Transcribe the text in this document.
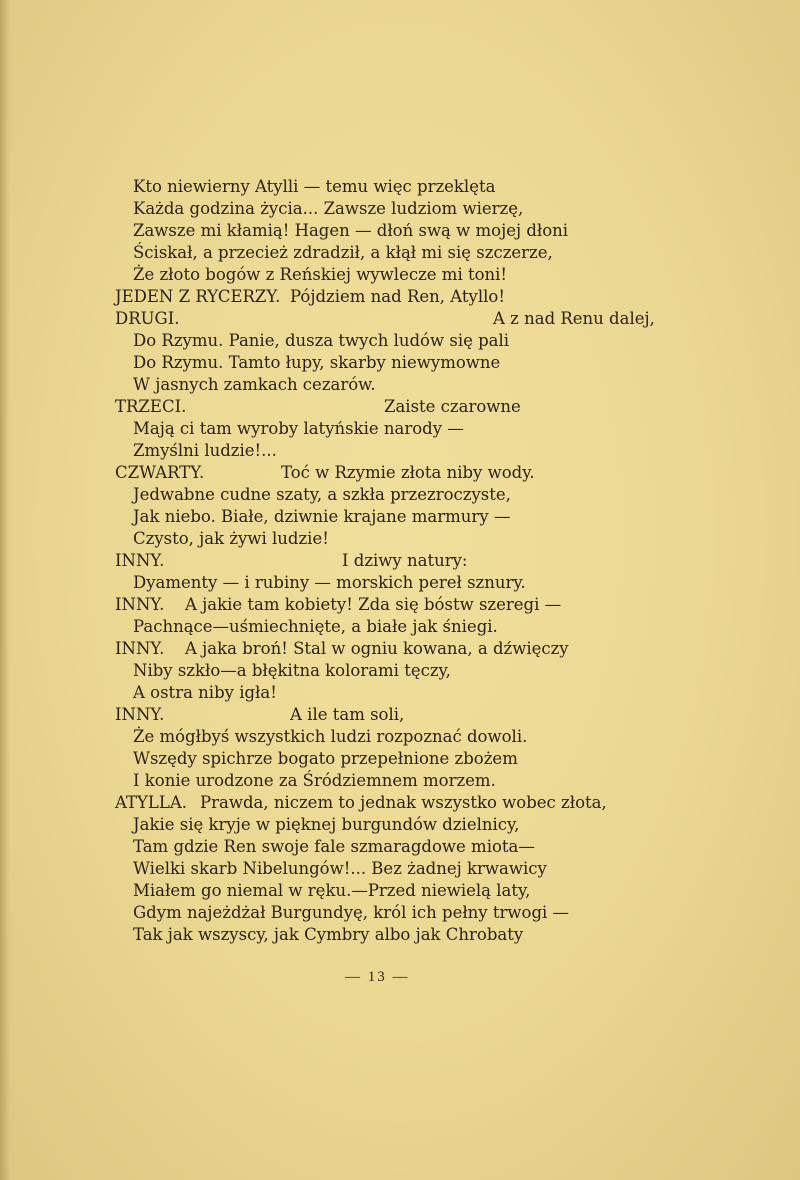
Kto niewierny Atylli — temu więc przeklęta
Każda godzina życia... Zawsze ludziom wierzę,
Zawsze mi kłamią! Hagen — dłoń swą w mojej dłoni
Ściskał, a przecież zdradził, a kłął mi się szczerze,
Że złoto bogów z Reńskiej wywlecze mi toni!
JEDEN Z RYCERZY. Pójdziem nad Ren, Atyllo!
DRUGI.	A z nad Renu dalej,
Do Rzymu. Panie, dusza twych ludów się pali
Do Rzymu. Tamto łupy, skarby niewymowne
W jasnych zamkach cezarów.
TRZECI.	Zaiste czarowne
Mają ci tam wyroby latyńskie narody —
Zmyślni ludzie!...
CZWARTY.	Toć w Rzymie złota niby wody.
Jedwabne cudne szaty, a szkła przezroczyste,
Jak niebo. Białe, dziwnie krajane marmury —
Czysto, jak żywi ludzie!
INNY.	I dziwy natury:
Dyamenty — i rubiny — morskich pereł sznury.
INNY. A jakie tam kobiety! Zda się bóstw szeregi —
Pachnące—uśmiechnięte, a białe jak śniegi.
INNY. A jaka broń! Stal w ogniu kowana, a dźwięczy
Niby szkło—a błękitna kolorami tęczy,
A ostra niby igła!
INNY.	A ile tam soli,
Że mógłbyś wszystkich ludzi rozpoznać dowoli.
Wszędy spichrze bogato przepełnione zbożem
I konie urodzone za Śródziemnem morzem.
ATYLLA. Prawda, niczem to jednak wszystko wobec złota,
Jakie się kryje w pięknej burgundów dzielnicy,
Tam gdzie Ren swoje fale szmaragdowe miota—
Wielki skarb Nibelungów!... Bez żadnej krwawicy
Miałem go niemal w ręku.—Przed niewielą laty,
Gdym najeżdżał Burgundyę, król ich pełny trwogi —
Tak jak wszyscy, jak Cymbry albo jak Chrobaty
— 13 —
